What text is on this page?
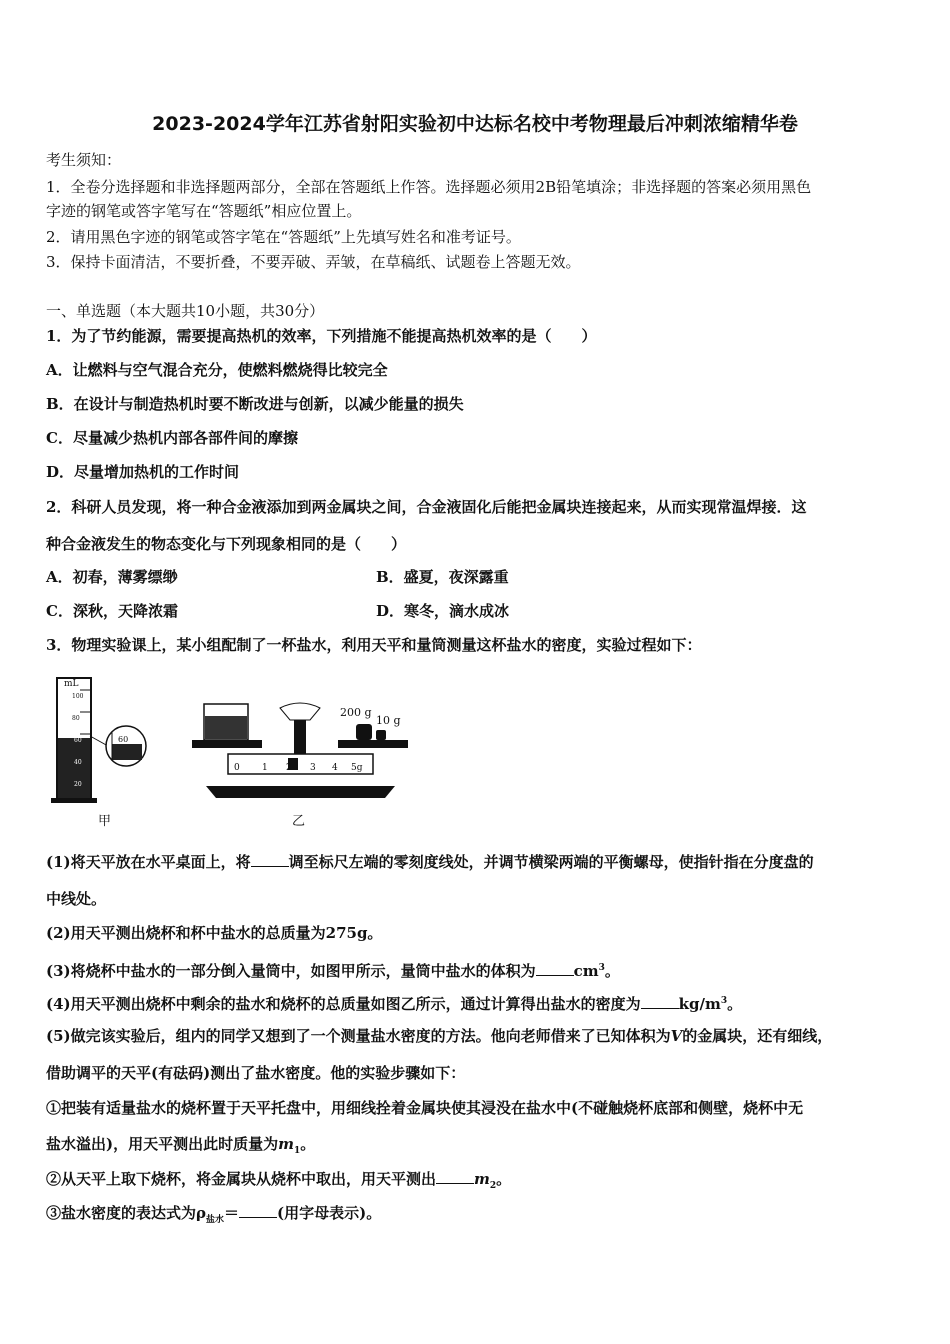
2023-2024学年江苏省射阳实验初中达标名校中考物理最后冲刺浓缩精华卷
考生须知：
1．全卷分选择题和非选择题两部分，全部在答题纸上作答。选择题必须用2B铅笔填涂；非选择题的答案必须用黑色
字迹的钢笔或答字笔写在“答题纸”相应位置上。
2．请用黑色字迹的钢笔或答字笔在“答题纸”上先填写姓名和准考证号。
3．保持卡面清洁，不要折叠，不要弄破、弄皱，在草稿纸、试题卷上答题无效。
一、单选题（本大题共10小题，共30分）
1．为了节约能源，需要提高热机的效率，下列措施不能提高热机效率的是（　　）
A．让燃料与空气混合充分，使燃料燃烧得比较完全
B．在设计与制造热机时要不断改进与创新，以减少能量的损失
C．尽量减少热机内部各部件间的摩擦
D．尽量增加热机的工作时间
2．科研人员发现，将一种合金液添加到两金属块之间，合金液固化后能把金属块连接起来，从而实现常温焊接．这
种合金液发生的物态变化与下列现象相同的是（　　）
A．初春，薄雾缥缈	B．盛夏，夜深露重
C．深秋，天降浓霜	D．寒冬，滴水成冰
3．物理实验课上，某小组配制了一杯盐水，利用天平和量筒测量这杯盐水的密度，实验过程如下：
mL
100
80
60
40
20
60
甲
200 g
10 g
0 1 2 3 4 5g
乙
(1)将天平放在水平桌面上，将	调至标尺左端的零刻度线处，并调节横梁两端的平衡螺母，使指针指在分度盘的
中线处。
(2)用天平测出烧杯和杯中盐水的总质量为275g。
(3)将烧杯中盐水的一部分倒入量筒中，如图甲所示，量筒中盐水的体积为	$cm^3$。
(4)用天平测出烧杯中剩余的盐水和烧杯的总质量如图乙所示，通过计算得出盐水的密度为	$kg/m^3$。
(5)做完该实验后，组内的同学又想到了一个测量盐水密度的方法。他向老师借来了已知体积为V的金属块，还有细线，
借助调平的天平(有砝码)测出了盐水密度。他的实验步骤如下：
①把装有适量盐水的烧杯置于天平托盘中，用细线拴着金属块使其浸没在盐水中(不碰触烧杯底部和侧壁，烧杯中无
盐水溢出)，用天平测出此时质量为$m_1$。
②从天平上取下烧杯，将金属块从烧杯中取出，用天平测出	$m_2$。
③盐水密度的表达式为$\rho_{盐水}=$	(用字母表示)。
